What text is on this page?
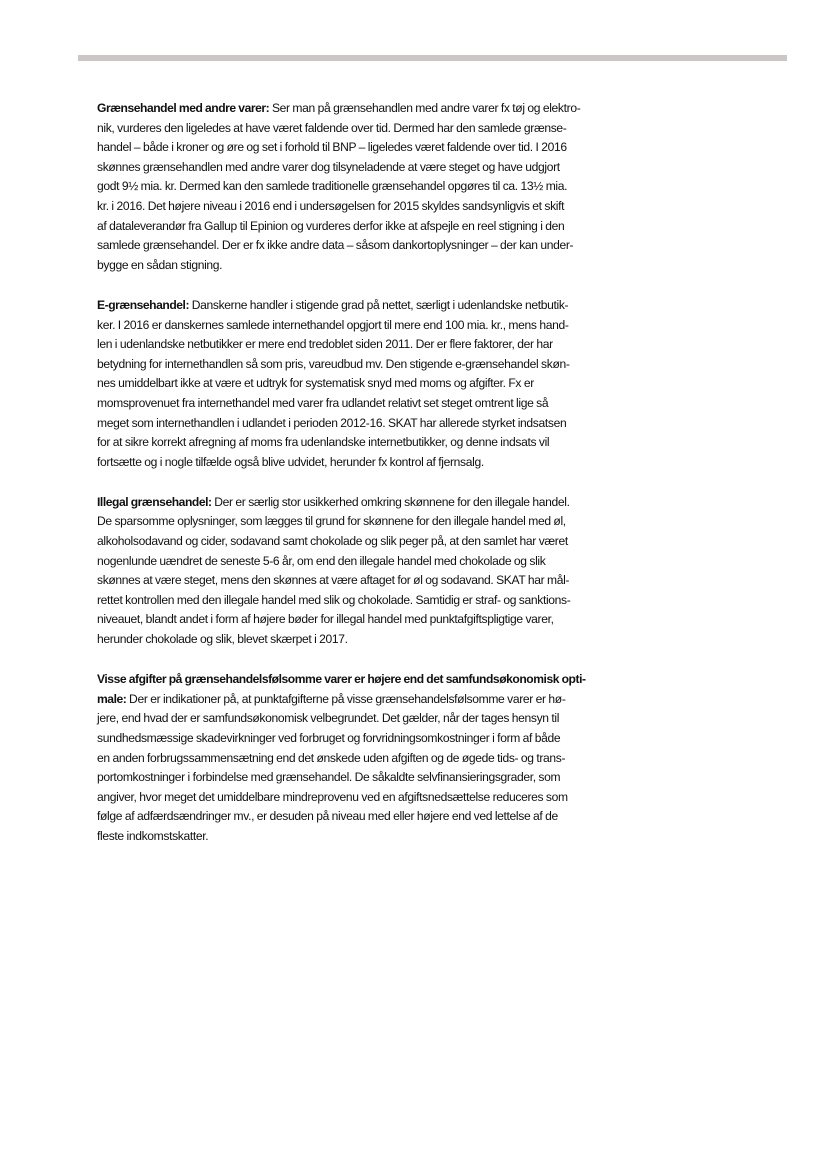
Grænsehandel med andre varer: Ser man på grænsehandlen med andre varer fx tøj og elektro-
nik, vurderes den ligeledes at have været faldende over tid. Dermed har den samlede grænse-
handel – både i kroner og øre og set i forhold til BNP – ligeledes været faldende over tid. I 2016
skønnes grænsehandlen med andre varer dog tilsyneladende at være steget og have udgjort
godt 9½ mia. kr. Dermed kan den samlede traditionelle grænsehandel opgøres til ca. 13½ mia.
kr. i 2016. Det højere niveau i 2016 end i undersøgelsen for 2015 skyldes sandsynligvis et skift
af dataleverandør fra Gallup til Epinion og vurderes derfor ikke at afspejle en reel stigning i den
samlede grænsehandel. Der er fx ikke andre data – såsom dankortoplysninger – der kan under-
bygge en sådan stigning.

E-grænsehandel: Danskerne handler i stigende grad på nettet, særligt i udenlandske netbutik-
ker. I 2016 er danskernes samlede internethandel opgjort til mere end 100 mia. kr., mens hand-
len i udenlandske netbutikker er mere end tredoblet siden 2011. Der er flere faktorer, der har
betydning for internethandlen så som pris, vareudbud mv. Den stigende e-grænsehandel skøn-
nes umiddelbart ikke at være et udtryk for systematisk snyd med moms og afgifter. Fx er
momsprovenuet fra internethandel med varer fra udlandet relativt set steget omtrent lige så
meget som internethandlen i udlandet i perioden 2012-16. SKAT har allerede styrket indsatsen
for at sikre korrekt afregning af moms fra udenlandske internetbutikker, og denne indsats vil
fortsætte og i nogle tilfælde også blive udvidet, herunder fx kontrol af fjernsalg.

Illegal grænsehandel: Der er særlig stor usikkerhed omkring skønnene for den illegale handel.
De sparsomme oplysninger, som lægges til grund for skønnene for den illegale handel med øl,
alkoholsodavand og cider, sodavand samt chokolade og slik peger på, at den samlet har været
nogenlunde uændret de seneste 5-6 år, om end den illegale handel med chokolade og slik
skønnes at være steget, mens den skønnes at være aftaget for øl og sodavand. SKAT har mål-
rettet kontrollen med den illegale handel med slik og chokolade. Samtidig er straf- og sanktions-
niveauet, blandt andet i form af højere bøder for illegal handel med punktafgiftspligtige varer,
herunder chokolade og slik, blevet skærpet i 2017.

Visse afgifter på grænsehandelsfølsomme varer er højere end det samfundsøkonomisk opti-
male: Der er indikationer på, at punktafgifterne på visse grænsehandelsfølsomme varer er hø-
jere, end hvad der er samfundsøkonomisk velbegrundet. Det gælder, når der tages hensyn til
sundhedsmæssige skadevirkninger ved forbruget og forvridningsomkostninger i form af både
en anden forbrugssammensætning end det ønskede uden afgiften og de øgede tids- og trans-
portomkostninger i forbindelse med grænsehandel. De såkaldte selvfinansieringsgrader, som
angiver, hvor meget det umiddelbare mindreprovenu ved en afgiftsnedsættelse reduceres som
følge af adfærdsændringer mv., er desuden på niveau med eller højere end ved lettelse af de
fleste indkomstskatter.
